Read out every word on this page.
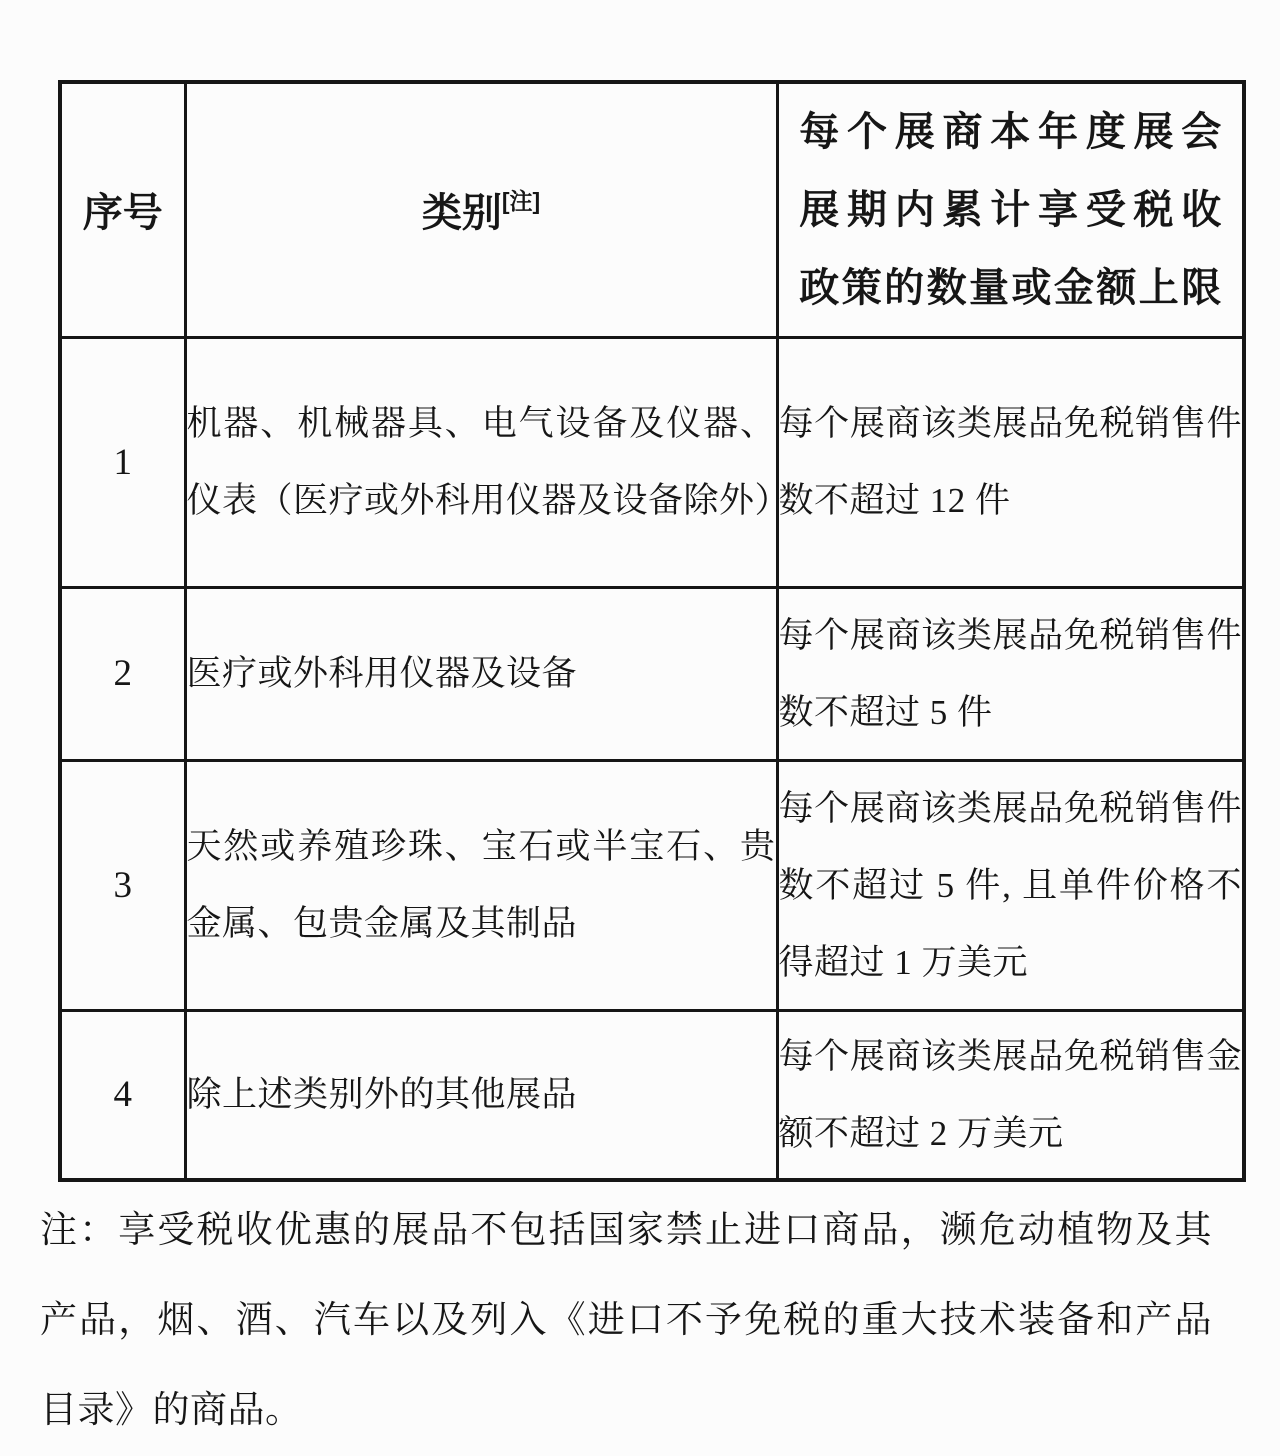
序号	类别[注]	每个展商本年度展会
展期内累计享受税收
政策的数量或金额上限

1	机器、机械器具、电气设备及仪器、仪表（医疗或外科用仪器及设备除外）	每个展商该类展品免税销售件数不超过 12 件
2	医疗或外科用仪器及设备	每个展商该类展品免税销售件数不超过 5 件
3	天然或养殖珍珠、宝石或半宝石、贵金属、包贵金属及其制品	每个展商该类展品免税销售件数不超过 5 件, 且单件价格不得超过 1 万美元
4	除上述类别外的其他展品	每个展商该类展品免税销售金额不超过 2 万美元
注：享受税收优惠的展品不包括国家禁止进口商品，濒危动植物及其
产品，烟、酒、汽车以及列入《进口不予免税的重大技术装备和产品
目录》的商品。
